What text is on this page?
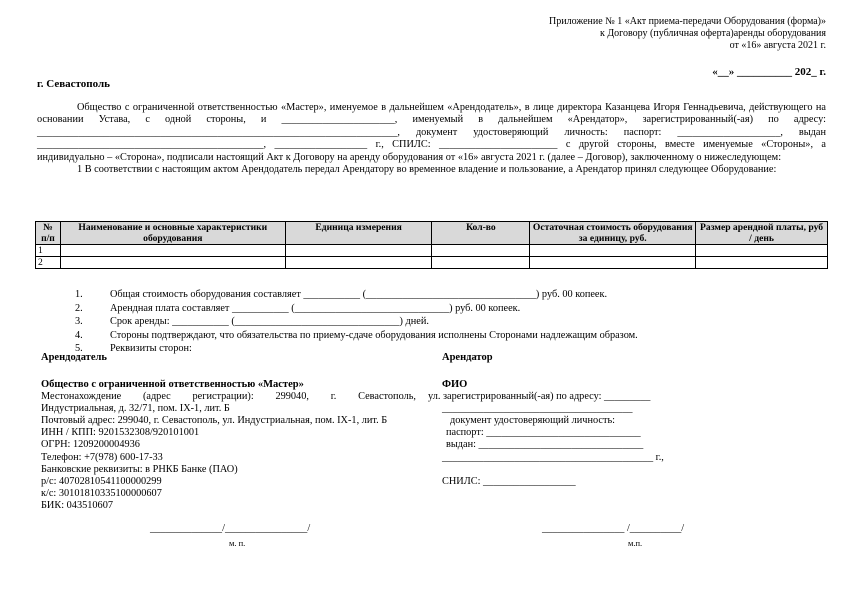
Приложение № 1 «Акт приема-передачи Оборудования (форма)»
к Договору (публичная оферта)аренды оборудования
от «16» августа 2021 г.
«__» __________ 202_ г.
г. Севастополь

Общество с ограниченной ответственностью «Мастер», именуемое в дальнейшем «Арендодатель», в лице директора Казанцева Игоря Геннадьевича, действующего на основании Устава, с одной стороны, и ______________________, именуемый в дальнейшем «Арендатор», зарегистрированный(-ая) по адресу: ______________________________________________________________________, документ удостоверяющий личность: паспорт: ____________________, выдан ____________________________________________, __________________ г., СПИЛС: _______________________ с другой стороны, вместе именуемые «Стороны», а индивидуально – «Сторона», подписали настоящий Акт к Договору на аренду оборудования от «16» августа 2021 г. (далее – Договор), заключенному о нижеследующем:

1 В соответствии с настоящим актом Арендодатель передал Арендатору во временное владение и пользование, а Арендатор принял следующее Оборудование:

№ п/п	Наименование и основные характеристики оборудования	Единица измерения	Кол-во	Остаточная стоимость оборудования за единицу, руб.	Размер арендной платы, руб / день
1					
2					
1.	Общая стоимость оборудования составляет ___________ (_________________________________) руб. 00 копеек.
2.	Арендная плата составляет ___________ (______________________________) руб. 00 копеек.
3.	Срок аренды: ___________ (________________________________) дней.
4.	Стороны подтверждают, что обязательства по приему-сдаче оборудования исполнены Сторонами надлежащим образом.
5.	Реквизиты сторон:
Арендодатель	Арендатор
Общество с ограниченной ответственностью «Мастер»
Местонахождение (адрес регистрации): 299040, г. Севастополь,
Индустриальная, д. 32/71, пом. IX-1, лит. Б
Почтовый адрес: 299040, г. Севастополь, ул. Индустриальная, пом. IX-1, лит. Б
ИНН / КПП: 9201532308/920101001
ОГРН: 1209200004936
Телефон: +7(978) 600-17-33
Банковские реквизиты: в РНКБ Банке (ПАО)
р/с: 40702810541100000299
к/с: 30101810335100000607
БИК: 043510607
ФИО
ул. зарегистрированный(-ая) по адресу: _________
_____________________________________
документ удостоверяющий личность:
паспорт: ______________________________
выдан: ________________________________
_________________________________________ г.,
СНИЛС: __________________
______________/________________/
м. п.
________________ /__________/
м.п.
